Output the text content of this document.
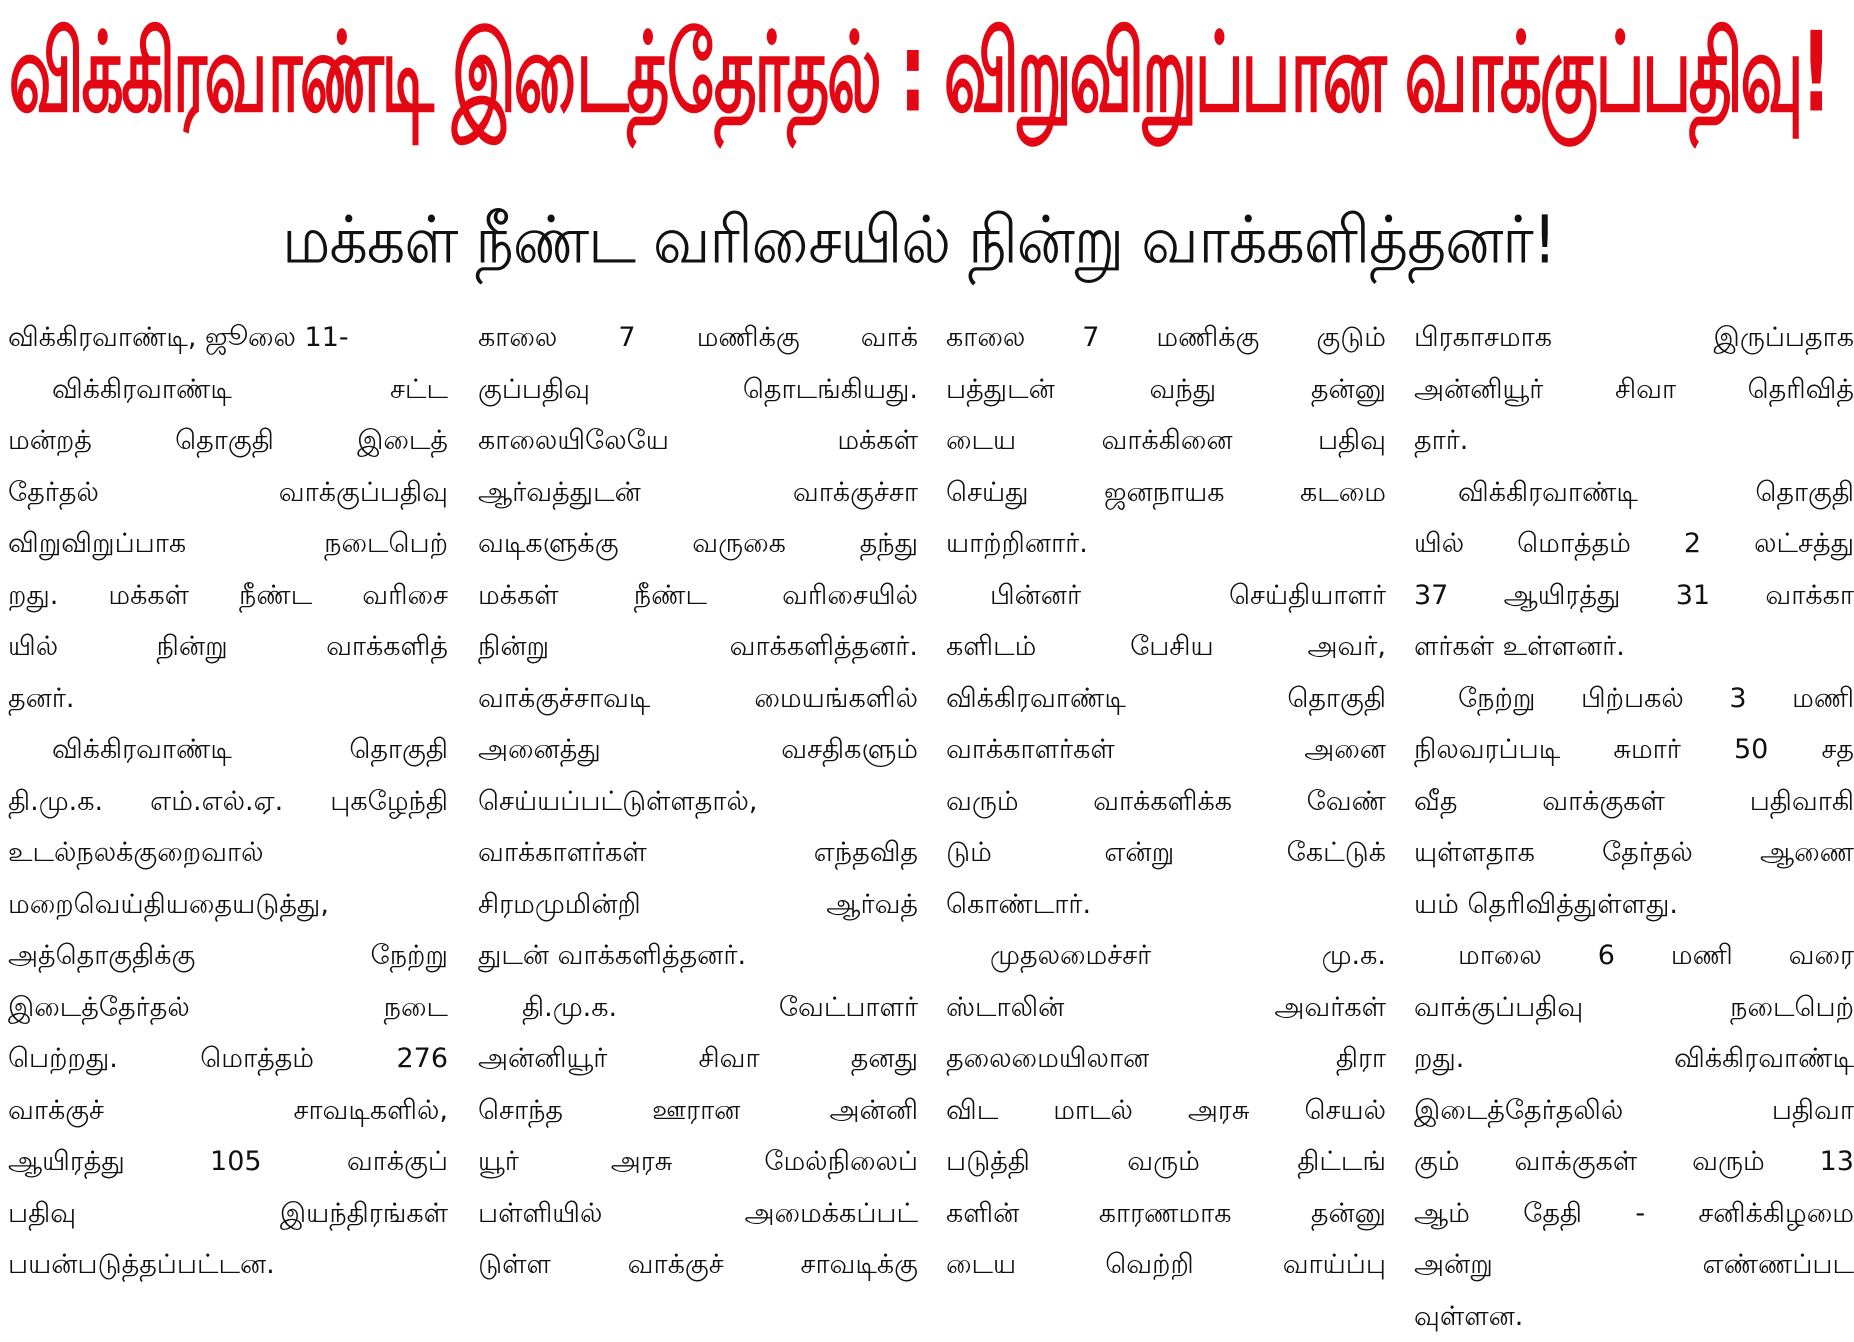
விக்கிரவாண்டி இடைத்தேர்தல் : விறுவிறுப்பான வாக்குப்பதிவு!
மக்கள் நீண்ட வரிசையில் நின்று வாக்களித்தனர்!
விக்கிரவாண்டி, ஜூலை 11-
விக்கிரவாண்டி சட்ட
மன்றத் தொகுதி இடைத்
தேர்தல் வாக்குப்பதிவு
விறுவிறுப்பாக நடைபெற்
றது. மக்கள் நீண்ட வரிசை
யில் நின்று வாக்களித்
தனர்.
விக்கிரவாண்டி தொகுதி
தி.மு.க. எம்.எல்.ஏ. புகழேந்தி
உடல்நலக்குறைவால்
மறைவெய்தியதையடுத்து,
அத்தொகுதிக்கு நேற்று
இடைத்தேர்தல் நடை
பெற்றது. மொத்தம் 276
வாக்குச் சாவடிகளில்,
ஆயிரத்து 105 வாக்குப்
பதிவு இயந்திரங்கள்
பயன்படுத்தப்பட்டன.
காலை 7 மணிக்கு வாக்
குப்பதிவு தொடங்கியது.
காலையிலேயே மக்கள்
ஆர்வத்துடன் வாக்குச்சா
வடிகளுக்கு வருகை தந்து
மக்கள் நீண்ட வரிசையில்
நின்று வாக்களித்தனர்.
வாக்குச்சாவடி மையங்களில்
அனைத்து வசதிகளும்
செய்யப்பட்டுள்ளதால்,
வாக்காளர்கள் எந்தவித
சிரமமுமின்றி ஆர்வத்
துடன் வாக்களித்தனர்.
தி.மு.க. வேட்பாளர்
அன்னியூர் சிவா தனது
சொந்த ஊரான அன்னி
யூர் அரசு மேல்நிலைப்
பள்ளியில் அமைக்கப்பட்
டுள்ள வாக்குச் சாவடிக்கு
காலை 7 மணிக்கு குடும்
பத்துடன் வந்து தன்னு
டைய வாக்கினை பதிவு
செய்து ஜனநாயக கடமை
யாற்றினார்.
பின்னர் செய்தியாளர்
களிடம் பேசிய அவர்,
விக்கிரவாண்டி தொகுதி
வாக்காளர்கள் அனை
வரும் வாக்களிக்க வேண்
டும் என்று கேட்டுக்
கொண்டார்.
முதலமைச்சர் மு.க.
ஸ்டாலின் அவர்கள்
தலைமையிலான திரா
விட மாடல் அரசு செயல்
படுத்தி வரும் திட்டங்
களின் காரணமாக தன்னு
டைய வெற்றி வாய்ப்பு
பிரகாசமாக இருப்பதாக
அன்னியூர் சிவா தெரிவித்
தார்.
விக்கிரவாண்டி தொகுதி
யில் மொத்தம் 2 லட்சத்து
37 ஆயிரத்து 31 வாக்கா
ளர்கள் உள்ளனர்.
நேற்று பிற்பகல் 3 மணி
நிலவரப்படி சுமார் 50 சத
வீத வாக்குகள் பதிவாகி
யுள்ளதாக தேர்தல் ஆணை
யம் தெரிவித்துள்ளது.
மாலை 6 மணி வரை
வாக்குப்பதிவு நடைபெற்
றது. விக்கிரவாண்டி
இடைத்தேர்தலில் பதிவா
கும் வாக்குகள் வரும் 13
ஆம் தேதி - சனிக்கிழமை
அன்று எண்ணப்பட
வுள்ளன.
